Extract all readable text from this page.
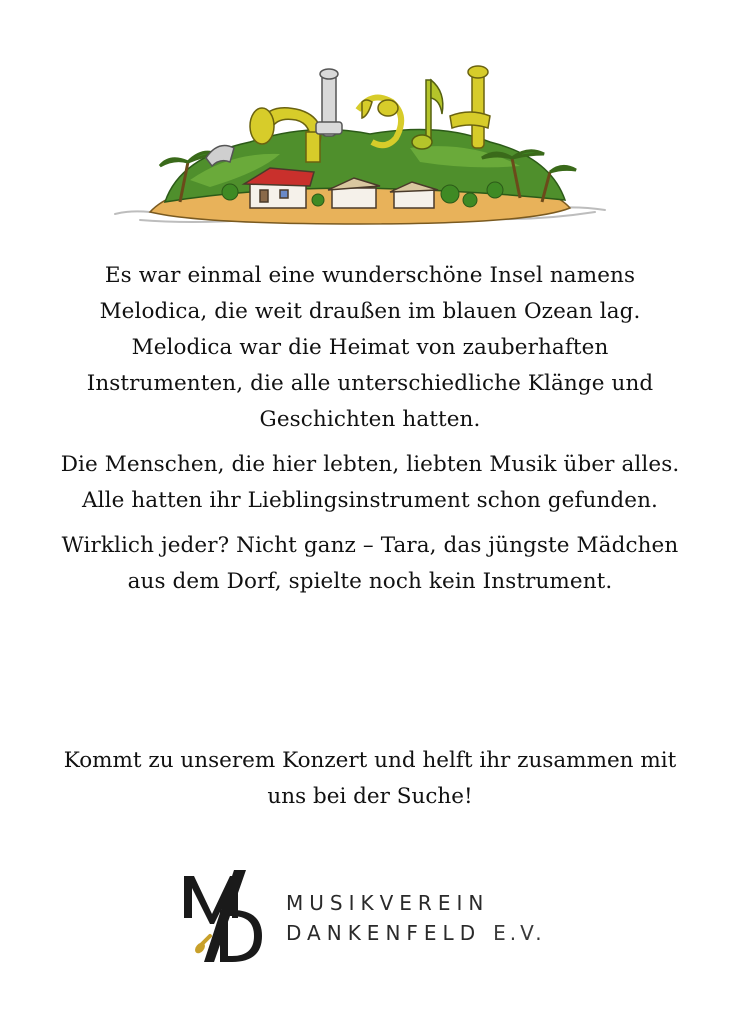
Es war einmal eine wunderschöne Insel namens Melodica, die weit draußen im blauen Ozean lag. Melodica war die Heimat von zauberhaften Instrumenten, die alle unterschiedliche Klänge und Geschichten hatten.

Die Menschen, die hier lebten, liebten Musik über alles. Alle hatten ihr Lieblingsinstrument schon gefunden.

Wirklich jeder? Nicht ganz – Tara, das jüngste Mädchen aus dem Dorf, spielte noch kein Instrument.

Kommt zu unserem Konzert und helft ihr zusammen mit uns bei der Suche!

MUSIKVEREIN
DANKENFELD E.V.
